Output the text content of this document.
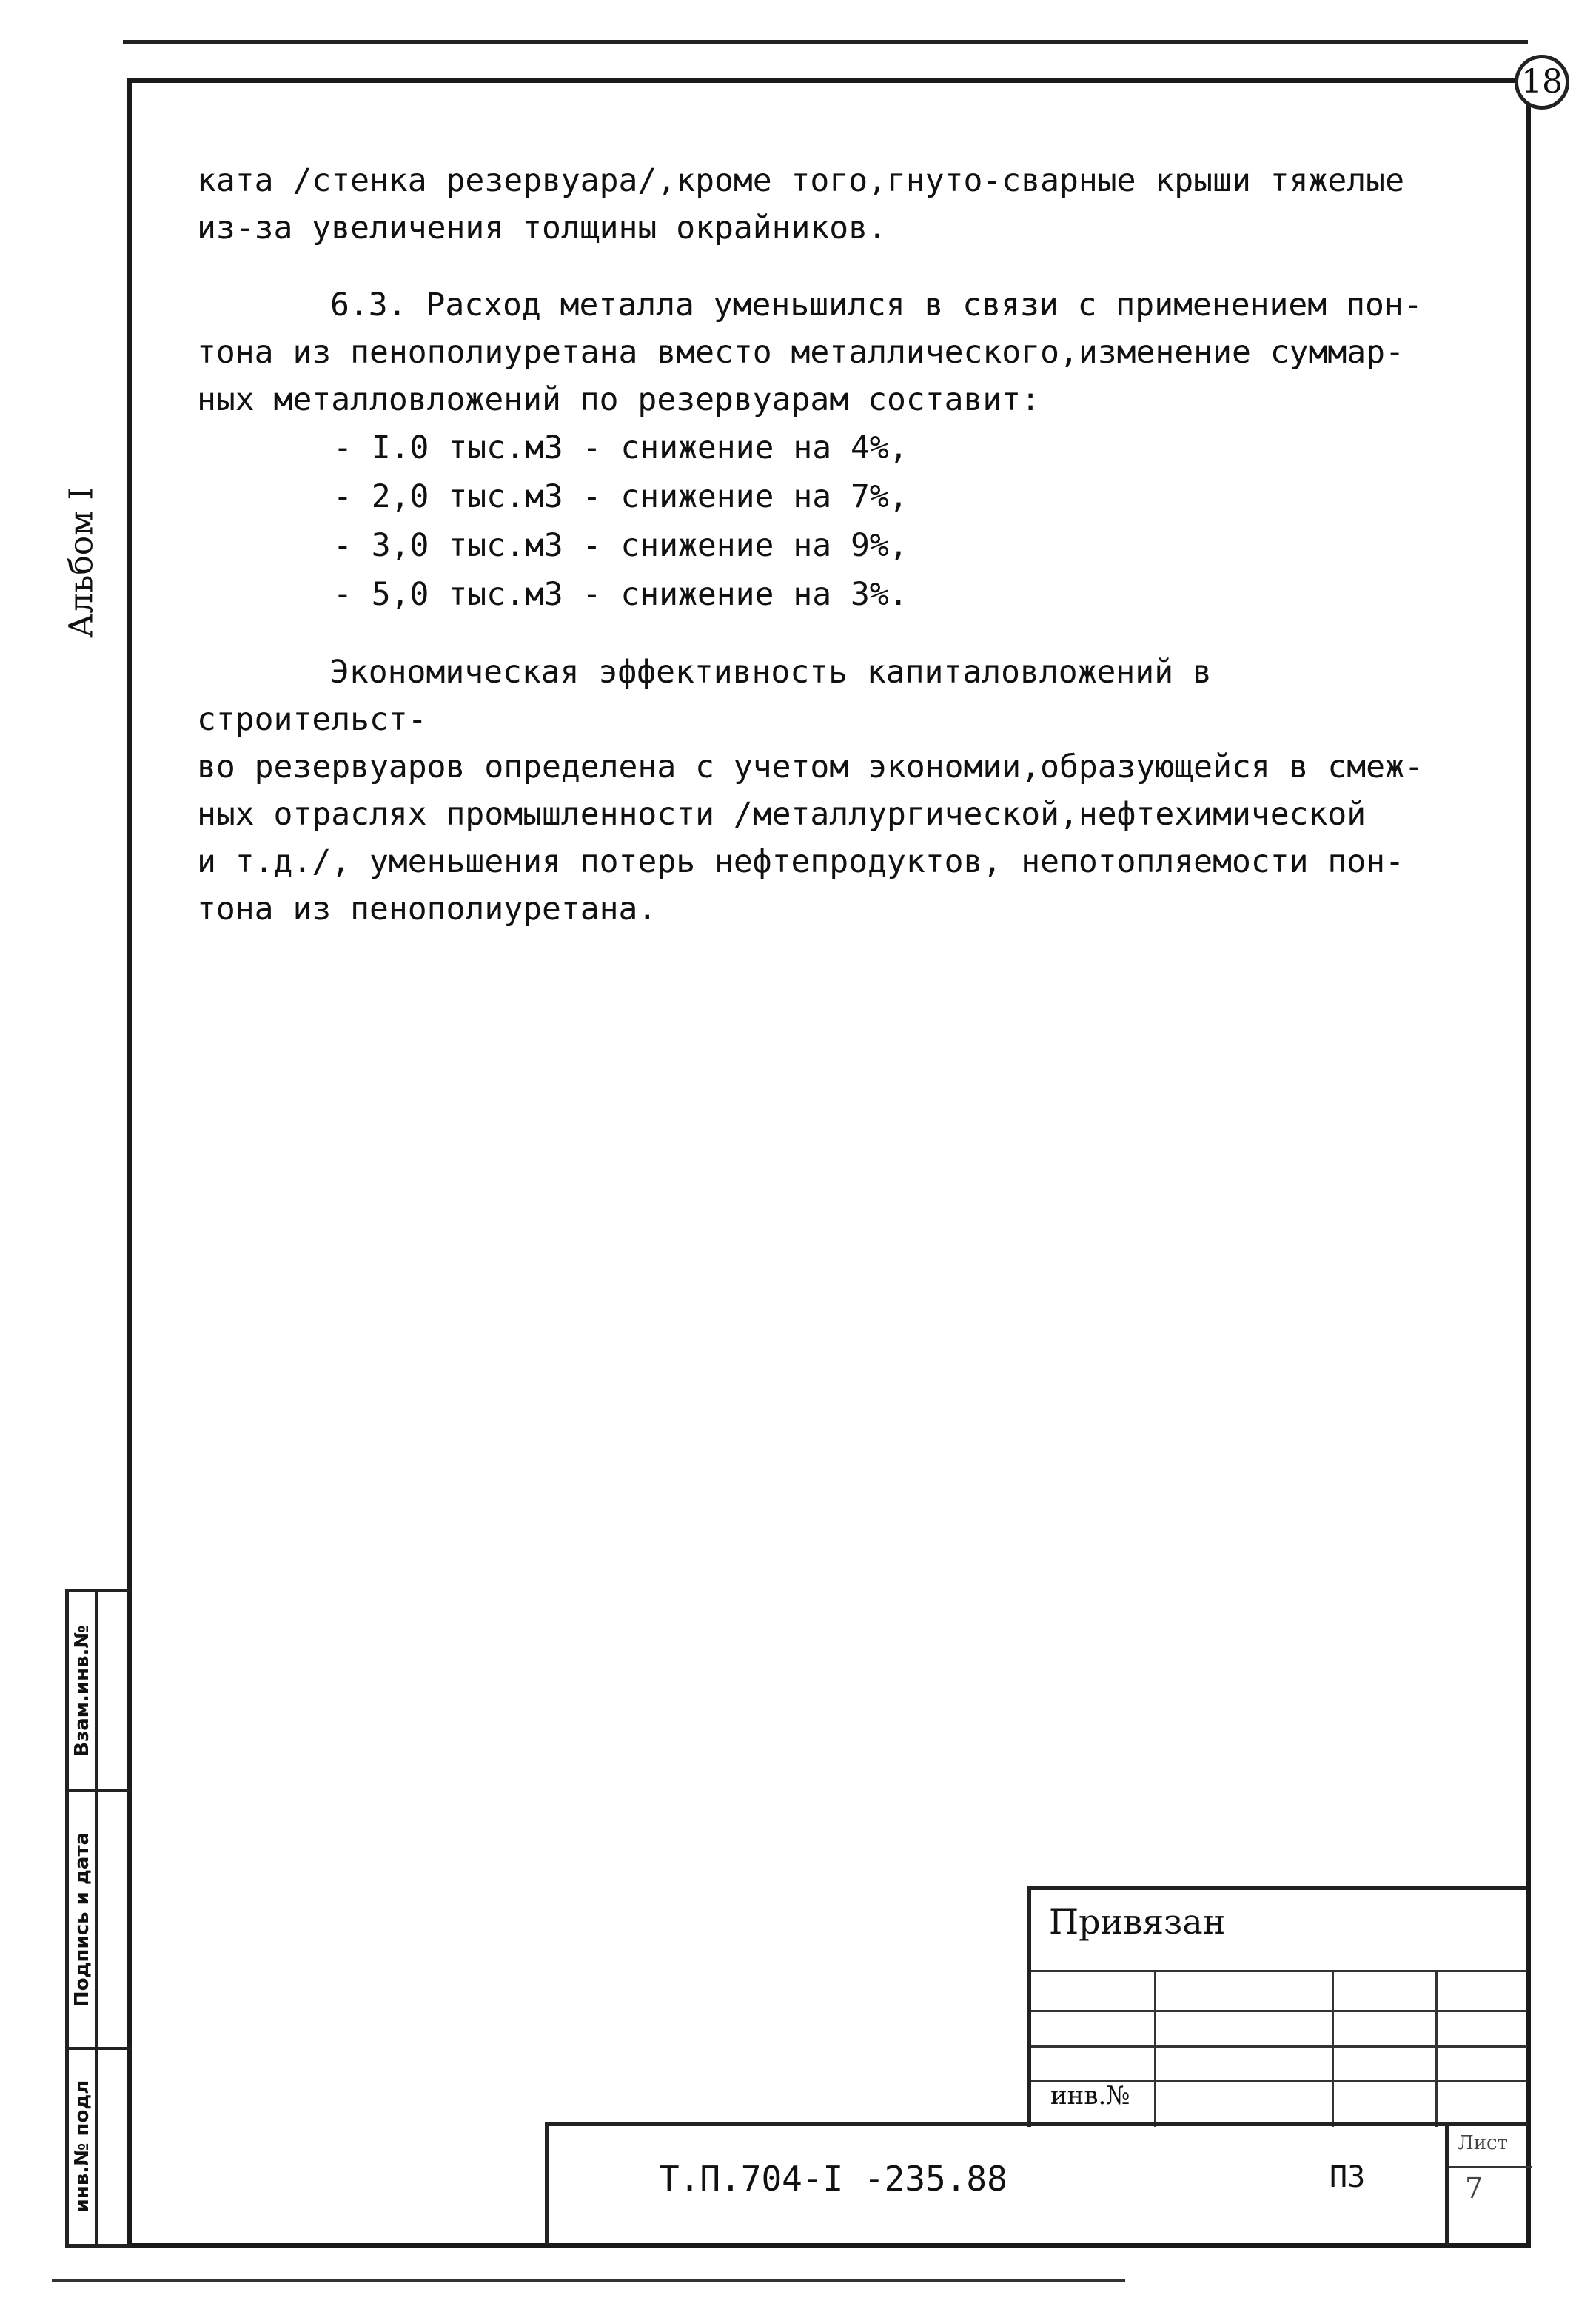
18
Альбом I

ката /стенка резервуара/,кроме того,гнуто-сварные крыши тяжелые

из-за увеличения толщины окрайников.

6.3. Расход металла уменьшился в связи с применением пон-

тона из пенополиуретана вместо металлического,изменение суммар-

ных металловложений по резервуарам составит:

- I.0 тыс.м3 - снижение на 4%,
- 2,0 тыс.м3 - снижение на 7%,
- 3,0 тыс.м3 - снижение на 9%,
- 5,0 тыс.м3 - снижение на 3%.

Экономическая эффективность капиталовложений в строительст-

во резервуаров определена с учетом экономии,образующейся в смеж-

ных отраслях промышленности /металлургической,нефтехимической

и т.д./, уменьшения потерь нефтепродуктов, непотопляемости пон-

тона из пенополиуретана.

Взам.инв.№
Подпись и дата
инв.№ подл
Привязан
инв.№
Т.П.704-I -235.88	ПЗ
Лист
7
